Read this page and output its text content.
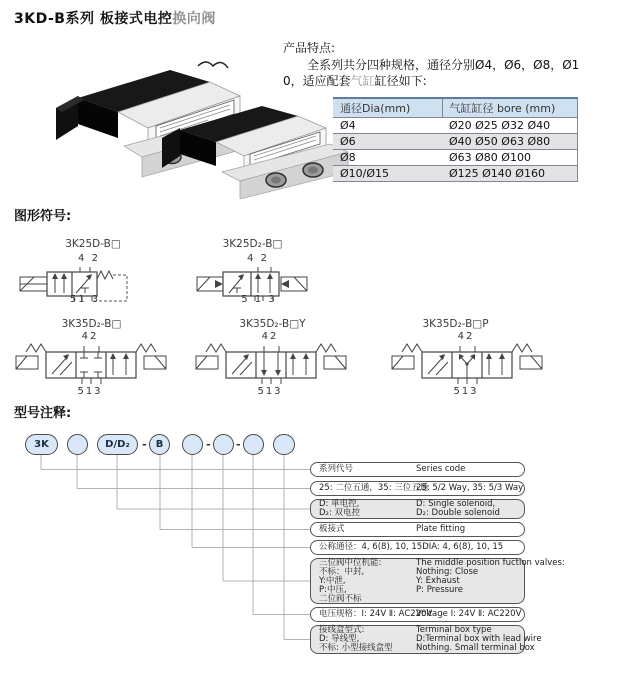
3KD-B系列 板接式电控换向阀
产品特点:
全系列共分四种规格，通径分别Ø4，Ø6，Ø8，Ø1
0，适应配套气缸缸径如下:
通径Dia(mm)	气缸缸径 bore (mm)
Ø4	Ø20 Ø25 Ø32 Ø40
Ø6	Ø40 Ø50 Ø63 Ø80
Ø8	Ø63 Ø80 Ø100
Ø10/Ø15	Ø125 Ø140 Ø160
图形符号:
3K25D-B□
4 2
51 3
3K25D₂-B□
4 2
5 1 3
3K35D₂-B□
42
513
3K35D₂-B□Y
42
513
3K35D₂-B□P
42
513
型号注释:
3K	D/D₂	- B	- -
系列代号	Series code
25: 二位五通，35: 三位五通
25: 5/2 Way, 35: 5/3 Way
D: 单电控,	D: Single solenoid,
D₂: 双电控	D₂: Double solenoid
板接式	Plate fitting
公称通径：4, 6(8), 10, 15 DIA: 4, 6(8), 10, 15
三位阀中位机能:	The middle position fuction valves:
不标：中封,	Nothing: Close
Y:中泄,	Y: Exhaust
P:中压,	P: Pressure
二位阀不标
电压规格：Ⅰ: 24V Ⅱ: AC220V
Voltage Ⅰ: 24V Ⅱ: AC220V
接线盒型式:	Terminal box type
D: 导线型,	D:Terminal box with lead wire
不标: 小型接线盒型	Nothing. Small terminal box
